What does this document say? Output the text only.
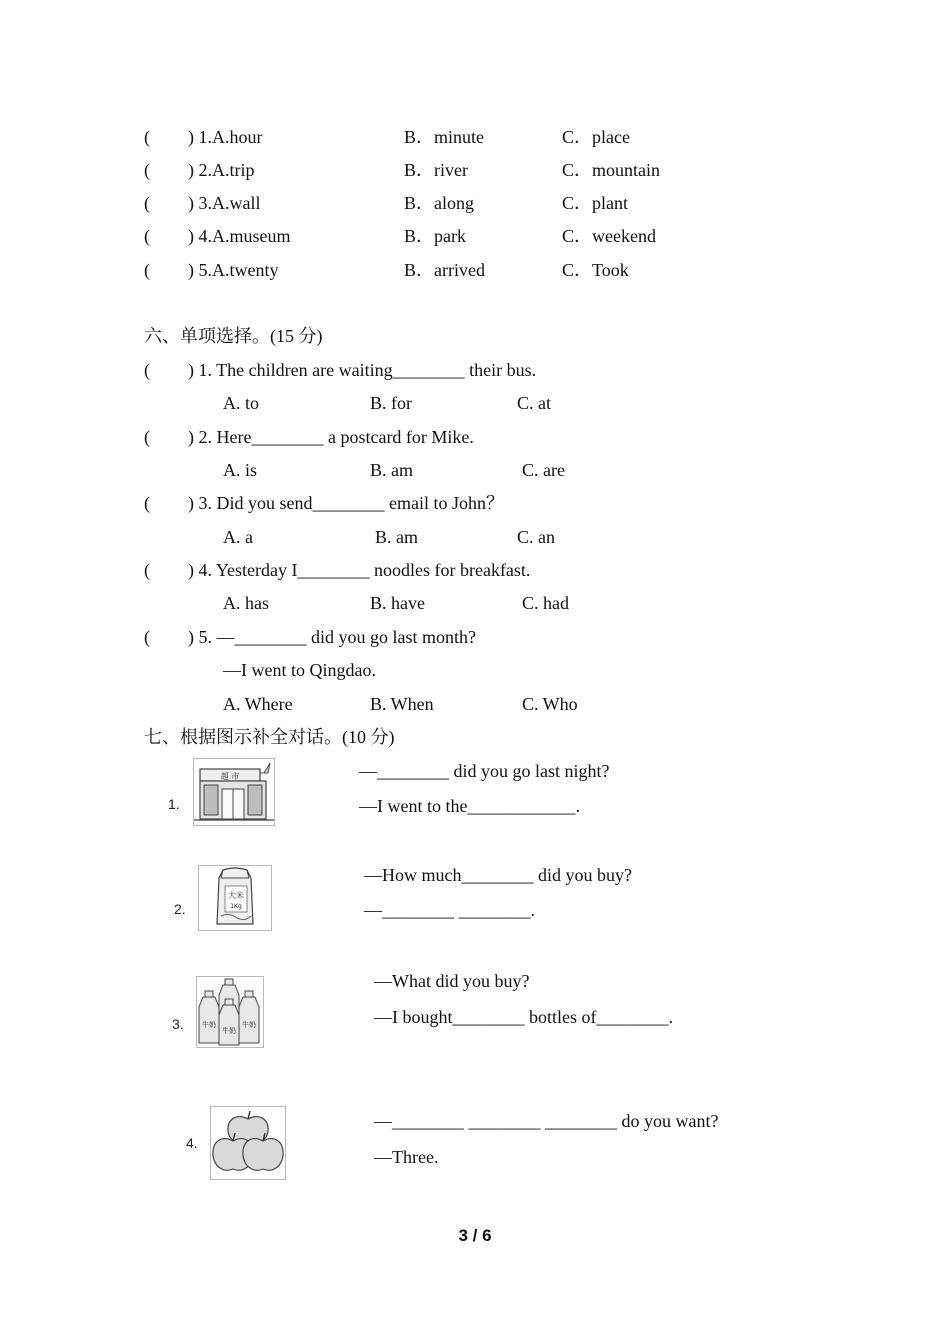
( ) 1.A.hour	B．minute	C．place
( ) 2.A.trip	B．river	C．mountain
( ) 3.A.wall	B．along	C．plant
( ) 4.A.museum	B．park	C．weekend
( ) 5.A.twenty	B．arrived	C．Took
六、单项选择。(15 分)
( ) 1. The children are waiting________ their bus.
A. to	B. for	C. at
( ) 2. Here________ a postcard for Mike.
A. is	B. am	C. are
( ) 3. Did you send________ email to John？
A. a	B. am	C. an
( ) 4. Yesterday I________ noodles for breakfast.
A. has	B. have	C. had
( ) 5. —________ did you go last month?
—I went to Qingdao.
A. Where	B. When	C. Who
七、根据图示补全对话。(10 分)
1.
超 市	—________ did you go last night?
—I went to the____________.
2.
大米
1Kg
—How much________ did you buy?
—________ ________.
3.	牛奶
牛奶
牛奶
—What did you buy?
—I bought________ bottles of________.
4.
—________ ________ ________ do you want?
—Three.
3 / 6
